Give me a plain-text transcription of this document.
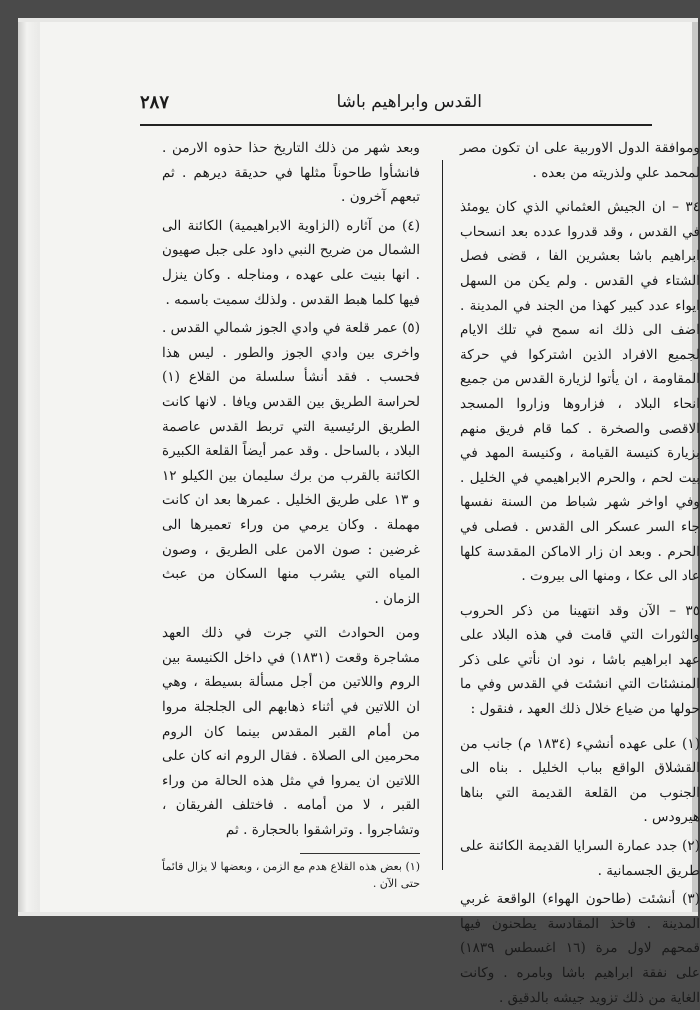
القدس وابراهيم باشا
٢٨٧

وموافقة الدول الاوربية على ان تكون مصر لمحمد علي ولذريته من بعده .

٣٤ – ان الجيش العثماني الذي كان يومئذ في القدس ، وقد قدروا عدده بعد انسحاب ابراهيم باشا بعشرين الفا ، قضى فصل الشتاء في القدس . ولم يكن من السهل ايواء عدد كبير كهذا من الجند في المدينة . اضف الى ذلك انه سمح في تلك الايام لجميع الافراد الذين اشتركوا في حركة المقاومة ، ان يأتوا لزيارة القدس من جميع انحاء البلاد ، فزاروها وزاروا المسجد الاقصى والصخرة . كما قام فريق منهم بزيارة كنيسة القيامة ، وكنيسة المهد في بيت لحم ، والحرم الابراهيمي في الخليل . وفي اواخر شهر شباط من السنة نفسها جاء السر عسكر الى القدس . فصلى في الحرم . وبعد ان زار الاماكن المقدسة كلها عاد الى عكا ، ومنها الى بيروت .

٣٥ – الآن وقد انتهينا من ذكر الحروب والثورات التي قامت في هذه البلاد على عهد ابراهيم باشا ، نود ان نأتي على ذكر المنشئات التي انشئت في القدس وفي ما حولها من ضياع خلال ذلك العهد ، فنقول :

(١) على عهده أنشيء (١٨٣٤ م) جانب من القشلاق الواقع بباب الخليل . بناه الى الجنوب من القلعة القديمة التي بناها هيرودس .

(٢) جدد عمارة السرايا القديمة الكائنة على طريق الجسمانية .

(٣) أنشئت (طاحون الهواء) الواقعة غربي المدينة . فاخذ المقادسة يطحنون فيها قمحهم لاول مرة (١٦ اغسطس ١٨٣٩) على نفقة ابراهيم باشا وبامره . وكانت الغاية من ذلك تزويد جيشه بالدقيق .

وبعد شهر من ذلك التاريخ حذا حذوه الارمن . فانشأوا طاحوناً مثلها في حديقة ديرهم . ثم تبعهم آخرون .

(٤) من آثاره (الزاوية الابراهيمية) الكائنة الى الشمال من ضريح النبي داود على جبل صهيون . انها بنيت على عهده ، ومناجله . وكان ينزل فيها كلما هبط القدس . ولذلك سميت باسمه .

(٥) عمر قلعة في وادي الجوز شمالي القدس . واخرى بين وادي الجوز والطور . ليس هذا فحسب . فقد أنشأ سلسلة من القلاع (١) لحراسة الطريق بين القدس ويافا . لانها كانت الطريق الرئيسية التي تربط القدس عاصمة البلاد ، بالساحل . وقد عمر أيضاً القلعة الكبيرة الكائنة بالقرب من برك سليمان بين الكيلو ١٢ و ١٣ على طريق الخليل . عمرها بعد ان كانت مهملة . وكان يرمي من وراء تعميرها الى غرضين : صون الامن على الطريق ، وصون المياه التي يشرب منها السكان من عبث الزمان .

ومن الحوادث التي جرت في ذلك العهد مشاجرة وقعت (١٨٣١) في داخل الكنيسة بين الروم واللاتين من أجل مسألة بسيطة ، وهي ان اللاتين في أثناء ذهابهم الى الجلجلة مروا من أمام القبر المقدس بينما كان الروم محرمين الى الصلاة . فقال الروم انه كان على اللاتين ان يمروا في مثل هذه الحالة من وراء القبر ، لا من أمامه . فاختلف الفريقان ، وتشاجروا . وتراشقوا بالحجارة . ثم

(١) بعض هذه القلاع هدم مع الزمن ، وبعضها لا يزال قائماً حتى الآن .
